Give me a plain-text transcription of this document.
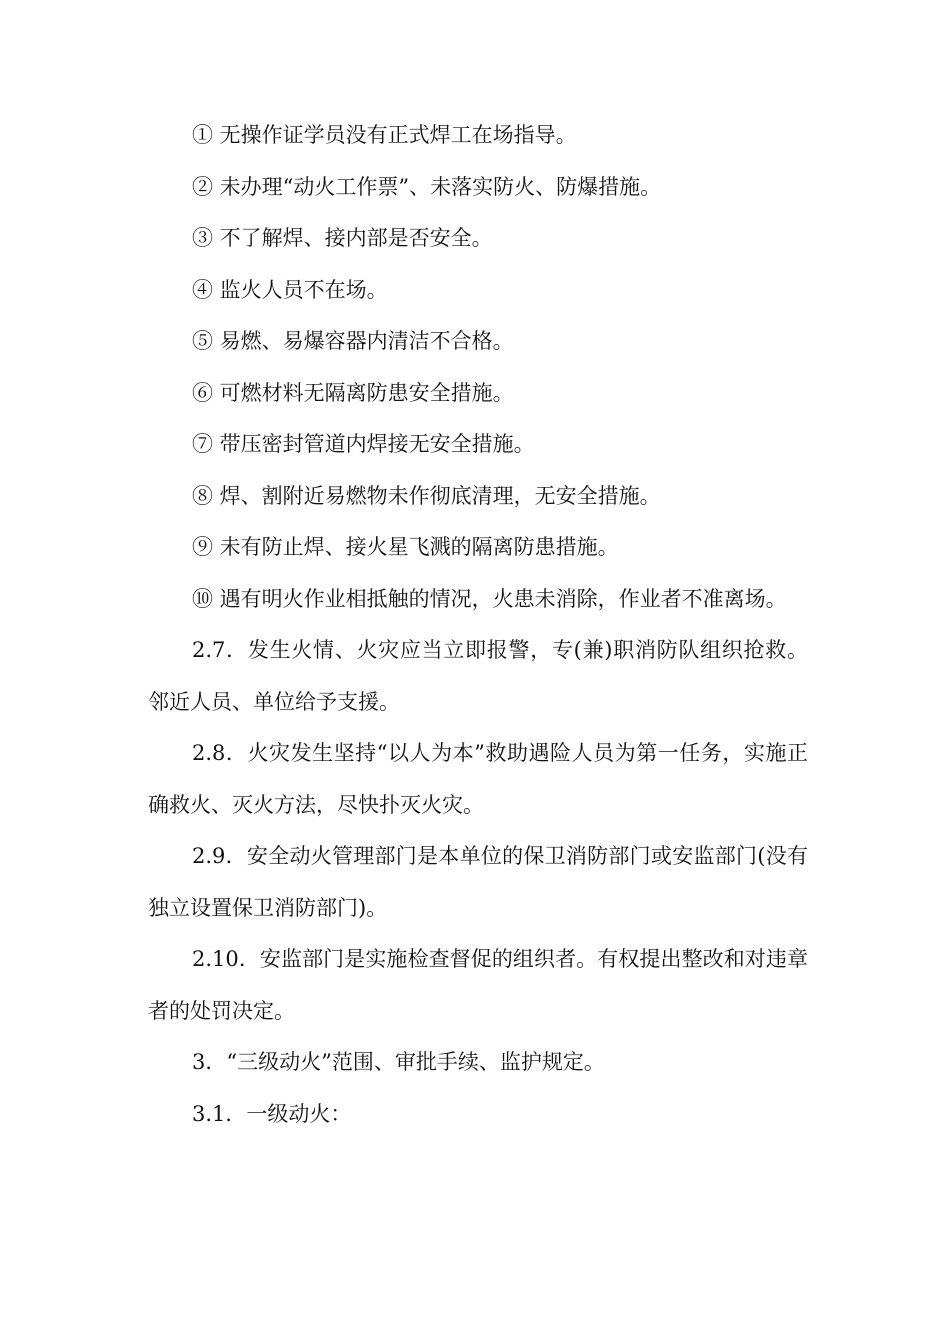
① 无操作证学员没有正式焊工在场指导。

② 未办理“动火工作票”、未落实防火、防爆措施。

③ 不了解焊、接内部是否安全。

④ 监火人员不在场。

⑤ 易燃、易爆容器内清洁不合格。

⑥ 可燃材料无隔离防患安全措施。

⑦ 带压密封管道内焊接无安全措施。

⑧ 焊、割附近易燃物未作彻底清理，无安全措施。

⑨ 未有防止焊、接火星飞溅的隔离防患措施。

⑩ 遇有明火作业相抵触的情况，火患未消除，作业者不准离场。

2.7．发生火情、火灾应当立即报警，专(兼)职消防队组织抢救。邻近人员、单位给予支援。

2.8．火灾发生坚持“以人为本”救助遇险人员为第一任务，实施正确救火、灭火方法，尽快扑灭火灾。

2.9．安全动火管理部门是本单位的保卫消防部门或安监部门(没有独立设置保卫消防部门)。

2.10．安监部门是实施检查督促的组织者。有权提出整改和对违章者的处罚决定。

3．“三级动火”范围、审批手续、监护规定。

3.1．一级动火：
